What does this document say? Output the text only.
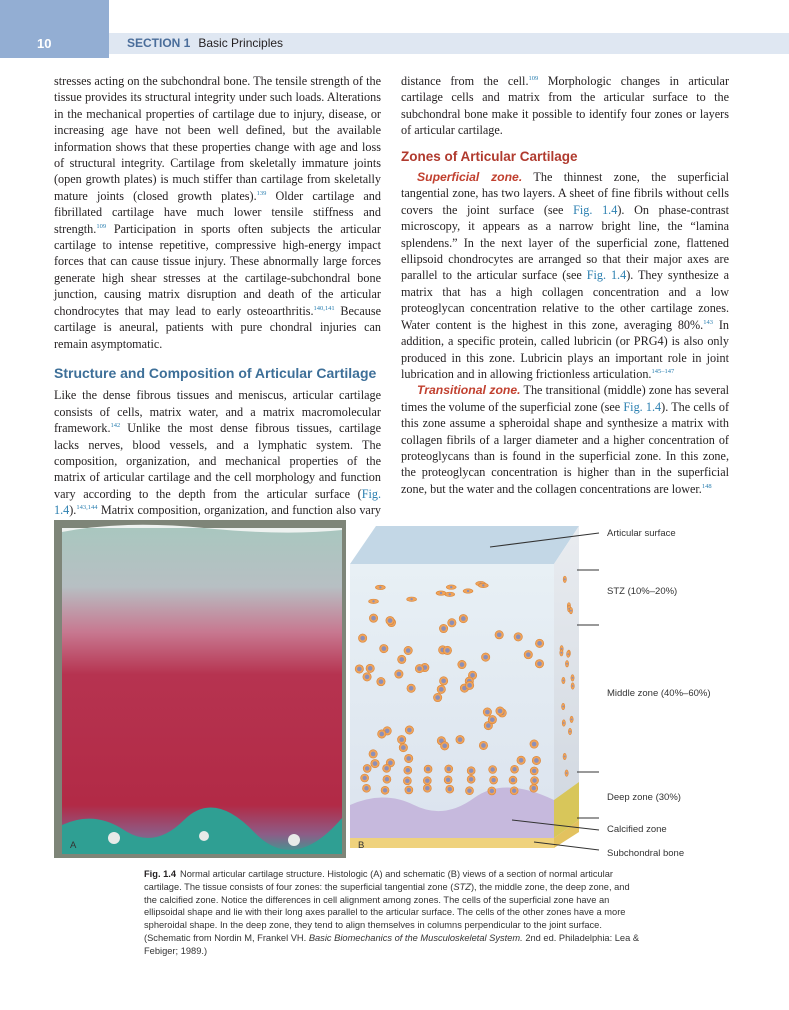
10	SECTION 1 Basic Principles

stresses acting on the subchondral bone. The tensile strength of the tissue provides its structural integrity under such loads. Alterations in the mechanical properties of cartilage due to injury, disease, or increasing age have not been well defined, but the available information shows that these properties change with age and loss of structural integrity. Cartilage from skeletally immature joints (open growth plates) is much stiffer than cartilage from skeletally mature joints (closed growth plates).$^{139}$ Older cartilage and fibrillated cartilage have much lower tensile stiffness and strength.$^{109}$ Participation in sports often subjects the articular cartilage to intense repetitive, compressive high-energy impact forces that can cause tissue injury. These abnormally large forces generate high shear stresses at the cartilage-subchondral bone junction, causing matrix disruption and death of the articular chondrocytes that may lead to early osteoarthritis.$^{140,141}$ Because cartilage is aneural, patients with pure chondral injuries can remain asymptomatic.

Structure and Composition of Articular Cartilage

Like the dense fibrous tissues and meniscus, articular cartilage consists of cells, matrix water, and a matrix macromolecular framework.$^{142}$ Unlike the most dense fibrous tissues, cartilage lacks nerves, blood vessels, and a lymphatic system. The composition, organization, and mechanical properties of the matrix of articular cartilage and the cell morphology and function vary according to the depth from the articular surface (Fig. 1.4).$^{143,144}$ Matrix composition, organization, and function also vary

distance from the cell.$^{109}$ Morphologic changes in articular cartilage cells and matrix from the articular surface to the subchondral bone make it possible to identify four zones or layers of articular cartilage.

Zones of Articular Cartilage

Superficial zone. The thinnest zone, the superficial tangential zone, has two layers. A sheet of fine fibrils without cells covers the joint surface (see Fig. 1.4). On phase-contrast microscopy, it appears as a narrow bright line, the “lamina splendens.” In the next layer of the superficial zone, flattened ellipsoid chondrocytes are arranged so that their major axes are parallel to the articular surface (see Fig. 1.4). They synthesize a matrix that has a high collagen concentration and a low proteoglycan concentration relative to the other cartilage zones. Water content is the highest in this zone, averaging 80%.$^{143}$ In addition, a specific protein, called lubricin (or PRG4) is also only produced in this zone. Lubricin plays an important role in joint lubrication and in allowing frictionless articulation.$^{145-147}$

Transitional zone. The transitional (middle) zone has several times the volume of the superficial zone (see Fig. 1.4). The cells of this zone assume a spheroidal shape and synthesize a matrix with collagen fibrils of a larger diameter and a higher concentration of proteoglycans than is found in the superficial zone. In this zone, the proteoglycan concentration is higher than in the superficial zone, but the water and the collagen concentrations are lower.$^{148}$

A	B
Articular surface
STZ (10%–20%)
Middle zone (40%–60%)
Deep zone (30%)
Calcified zone
Subchondral bone
Fig. 1.4 Normal articular cartilage structure. Histologic (A) and schematic (B) views of a section of normal articular cartilage. The tissue consists of four zones: the superficial tangential zone (STZ), the middle zone, the deep zone, and the calcified zone. Notice the differences in cell alignment among zones. The cells of the superficial zone have an ellipsoidal shape and lie with their long axes parallel to the articular surface. The cells of the other zones have a more spheroidal shape. In the deep zone, they tend to align themselves in columns perpendicular to the joint surface. (Schematic from Nordin M, Frankel VH. Basic Biomechanics of the Musculoskeletal System. 2nd ed. Philadelphia: Lea & Febiger; 1989.)
